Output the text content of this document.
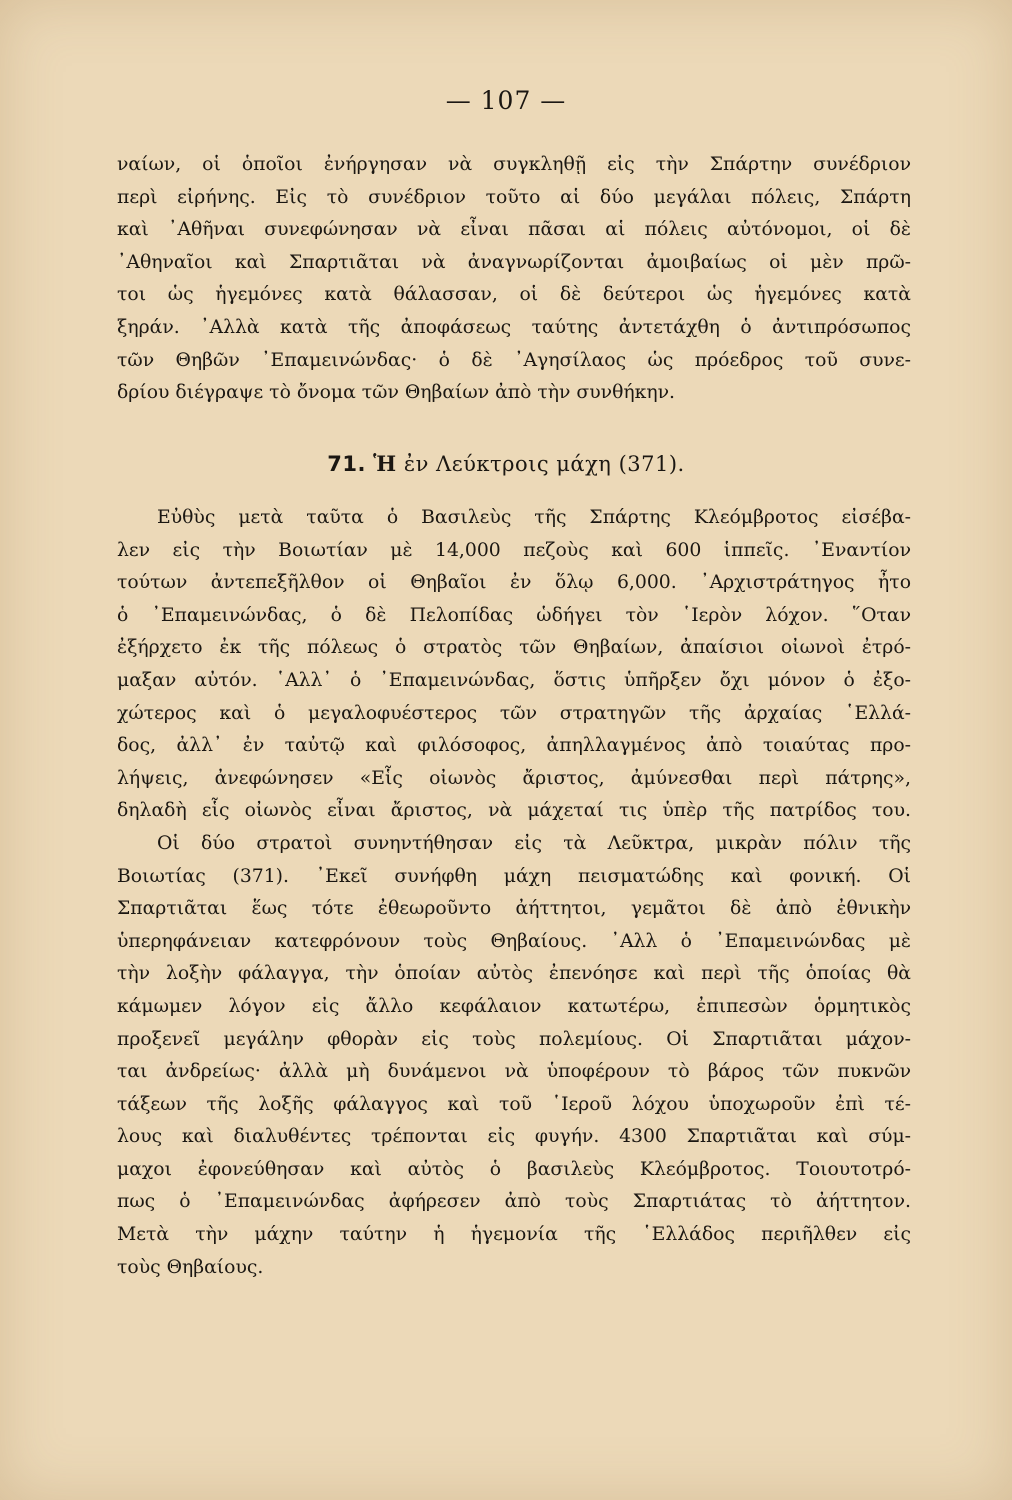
— 107 —
ναίων, οἱ ὁποῖοι ἐνήργησαν νὰ συγκληθῇ εἰς τὴν Σπάρτην συνέδριον
περὶ εἰρήνης. Εἰς τὸ συνέδριον τοῦτο αἱ δύο μεγάλαι πόλεις, Σπάρτη
καὶ ᾿Αθῆναι συνεφώνησαν νὰ εἶναι πᾶσαι αἱ πόλεις αὐτόνομοι, οἱ δὲ
᾿Αθηναῖοι καὶ Σπαρτιᾶται νὰ ἀναγνωρίζονται ἀμοιβαίως οἱ μὲν πρῶ-
τοι ὡς ἡγεμόνες κατὰ θάλασσαν, οἱ δὲ δεύτεροι ὡς ἡγεμόνες κατὰ
ξηράν. ᾿Αλλὰ κατὰ τῆς ἀποφάσεως ταύτης ἀντετάχθη ὁ ἀντιπρόσωπος
τῶν Θηβῶν ᾿Επαμεινώνδας· ὁ δὲ ᾿Αγησίλαος ὡς πρόεδρος τοῦ συνε-
δρίου διέγραψε τὸ ὄνομα τῶν Θηβαίων ἀπὸ τὴν συνθήκην.
71. Ἡ ἐν Λεύκτροις μάχη (371).
Εὐθὺς μετὰ ταῦτα ὁ Βασιλεὺς τῆς Σπάρτης Κλεόμβροτος εἰσέβα-
λεν εἰς τὴν Βοιωτίαν μὲ 14,000 πεζοὺς καὶ 600 ἱππεῖς. ᾿Εναντίον
τούτων ἀντεπεξῆλθον οἱ Θηβαῖοι ἐν ὅλῳ 6,000. ᾿Αρχιστράτηγος ἦτο
ὁ ᾿Επαμεινώνδας, ὁ δὲ Πελοπίδας ὡδήγει τὸν ῾Ιερὸν λόχον. ῞Οταν
ἐξήρχετο ἐκ τῆς πόλεως ὁ στρατὸς τῶν Θηβαίων, ἀπαίσιοι οἰωνοὶ ἐτρό-
μαξαν αὐτόν. ῾Αλλ᾿ ὁ ᾿Επαμεινώνδας, ὅστις ὑπῆρξεν ὄχι μόνον ὁ ἐξο-
χώτερος καὶ ὁ μεγαλοφυέστερος τῶν στρατηγῶν τῆς ἀρχαίας ῾Ελλά-
δος, ἀλλ᾿ ἐν ταὐτῷ καὶ φιλόσοφος, ἀπηλλαγμένος ἀπὸ τοιαύτας προ-
λήψεις, ἀνεφώνησεν «Εἷς οἰωνὸς ἄριστος, ἀμύνεσθαι περὶ πάτρης»,
δηλαδὴ εἷς οἰωνὸς εἶναι ἄριστος, νὰ μάχεταί τις ὑπὲρ τῆς πατρίδος του.
Οἱ δύο στρατοὶ συνηντήθησαν εἰς τὰ Λεῦκτρα, μικρὰν πόλιν τῆς
Βοιωτίας (371). ᾿Εκεῖ συνήφθη μάχη πεισματώδης καὶ φονική. Οἱ
Σπαρτιᾶται ἕως τότε ἐθεωροῦντο ἀήττητοι, γεμᾶτοι δὲ ἀπὸ ἐθνικὴν
ὑπερηφάνειαν κατεφρόνουν τοὺς Θηβαίους. ᾿Αλλ ὁ ᾿Επαμεινώνδας μὲ
τὴν λοξὴν φάλαγγα, τὴν ὁποίαν αὐτὸς ἐπενόησε καὶ περὶ τῆς ὁποίας θὰ
κάμωμεν λόγον εἰς ἄλλο κεφάλαιον κατωτέρω, ἐπιπεσὼν ὁρμητικὸς
προξενεῖ μεγάλην φθορὰν εἰς τοὺς πολεμίους. Οἱ Σπαρτιᾶται μάχον-
ται ἀνδρείως· ἀλλὰ μὴ δυνάμενοι νὰ ὑποφέρουν τὸ βάρος τῶν πυκνῶν
τάξεων τῆς λοξῆς φάλαγγος καὶ τοῦ ῾Ιεροῦ λόχου ὑποχωροῦν ἐπὶ τέ-
λους καὶ διαλυθέντες τρέπονται εἰς φυγήν. 4300 Σπαρτιᾶται καὶ σύμ-
μαχοι ἐφονεύθησαν καὶ αὐτὸς ὁ βασιλεὺς Κλεόμβροτος. Τοιουτοτρό-
πως ὁ ᾿Επαμεινώνδας ἀφήρεσεν ἀπὸ τοὺς Σπαρτιάτας τὸ ἀήττητον.
Μετὰ τὴν μάχην ταύτην ἡ ἡγεμονία τῆς ῾Ελλάδος περιῆλθεν εἰς
τοὺς Θηβαίους.
